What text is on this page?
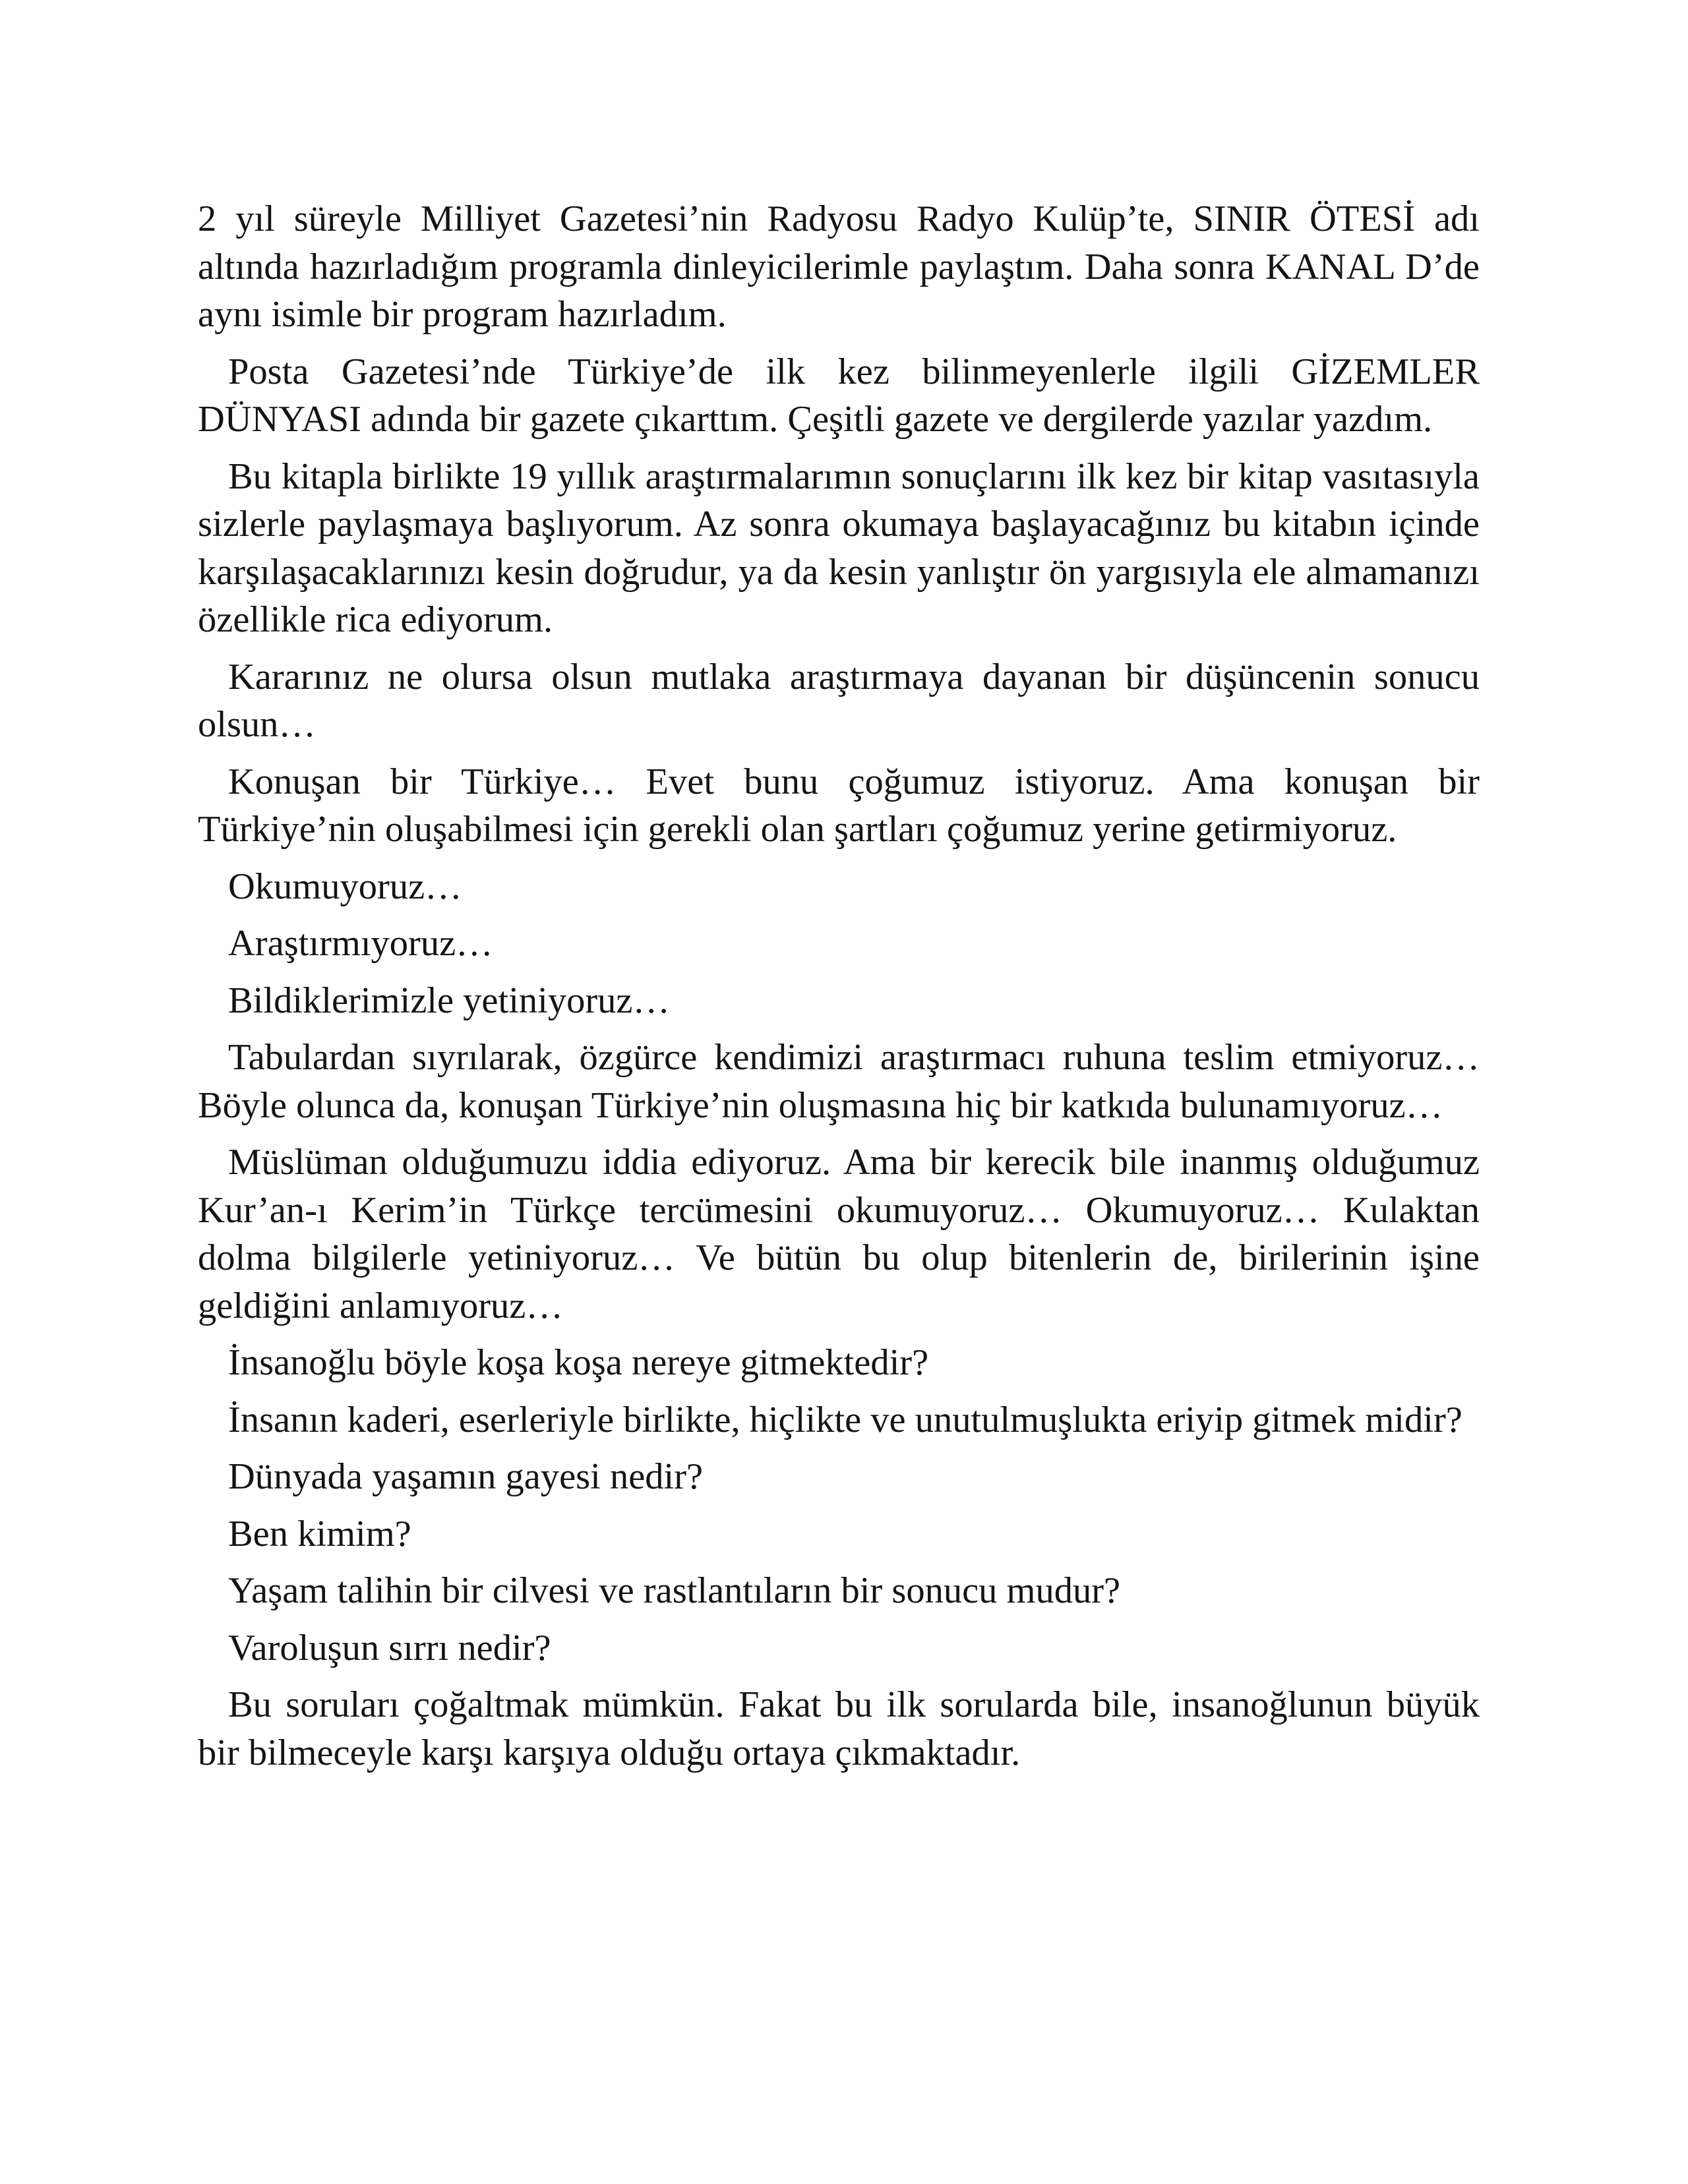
2 yıl süreyle Milliyet Gazetesi’nin Radyosu Radyo Kulüp’te, SINIR ÖTESİ adı altında hazırladığım programla dinleyicilerimle paylaştım. Daha sonra KANAL D’de aynı isimle bir program hazırladım.

Posta Gazetesi’nde Türkiye’de ilk kez bilinmeyenlerle ilgili GİZEMLER DÜNYASI adında bir gazete çıkarttım. Çeşitli gazete ve dergilerde yazılar yazdım.

Bu kitapla birlikte 19 yıllık araştırmalarımın sonuçlarını ilk kez bir kitap vasıtasıyla sizlerle paylaşmaya başlıyorum. Az sonra okumaya başlayacağınız bu kitabın içinde karşılaşacaklarınızı kesin doğrudur, ya da kesin yanlıştır ön yargısıyla ele almamanızı özellikle rica ediyorum.

Kararınız ne olursa olsun mutlaka araştırmaya dayanan bir düşüncenin sonucu olsun…

Konuşan bir Türkiye… Evet bunu çoğumuz istiyoruz. Ama konuşan bir Türkiye’nin oluşabilmesi için gerekli olan şartları çoğumuz yerine getirmiyoruz.

Okumuyoruz…

Araştırmıyoruz…

Bildiklerimizle yetiniyoruz…

Tabulardan sıyrılarak, özgürce kendimizi araştırmacı ruhuna teslim etmiyoruz… Böyle olunca da, konuşan Türkiye’nin oluşmasına hiç bir katkıda bulunamıyoruz…

Müslüman olduğumuzu iddia ediyoruz. Ama bir kerecik bile inanmış olduğumuz Kur’an-ı Kerim’in Türkçe tercümesini okumuyoruz… Okumuyoruz… Kulaktan dolma bilgilerle yetiniyoruz… Ve bütün bu olup bitenlerin de, birilerinin işine geldiğini anlamıyoruz…

İnsanoğlu böyle koşa koşa nereye gitmektedir?

İnsanın kaderi, eserleriyle birlikte, hiçlikte ve unutulmuşlukta eriyip gitmek midir?

Dünyada yaşamın gayesi nedir?

Ben kimim?

Yaşam talihin bir cilvesi ve rastlantıların bir sonucu mudur?

Varoluşun sırrı nedir?

Bu soruları çoğaltmak mümkün. Fakat bu ilk sorularda bile, insanoğlunun büyük bir bilmeceyle karşı karşıya olduğu ortaya çıkmaktadır.
